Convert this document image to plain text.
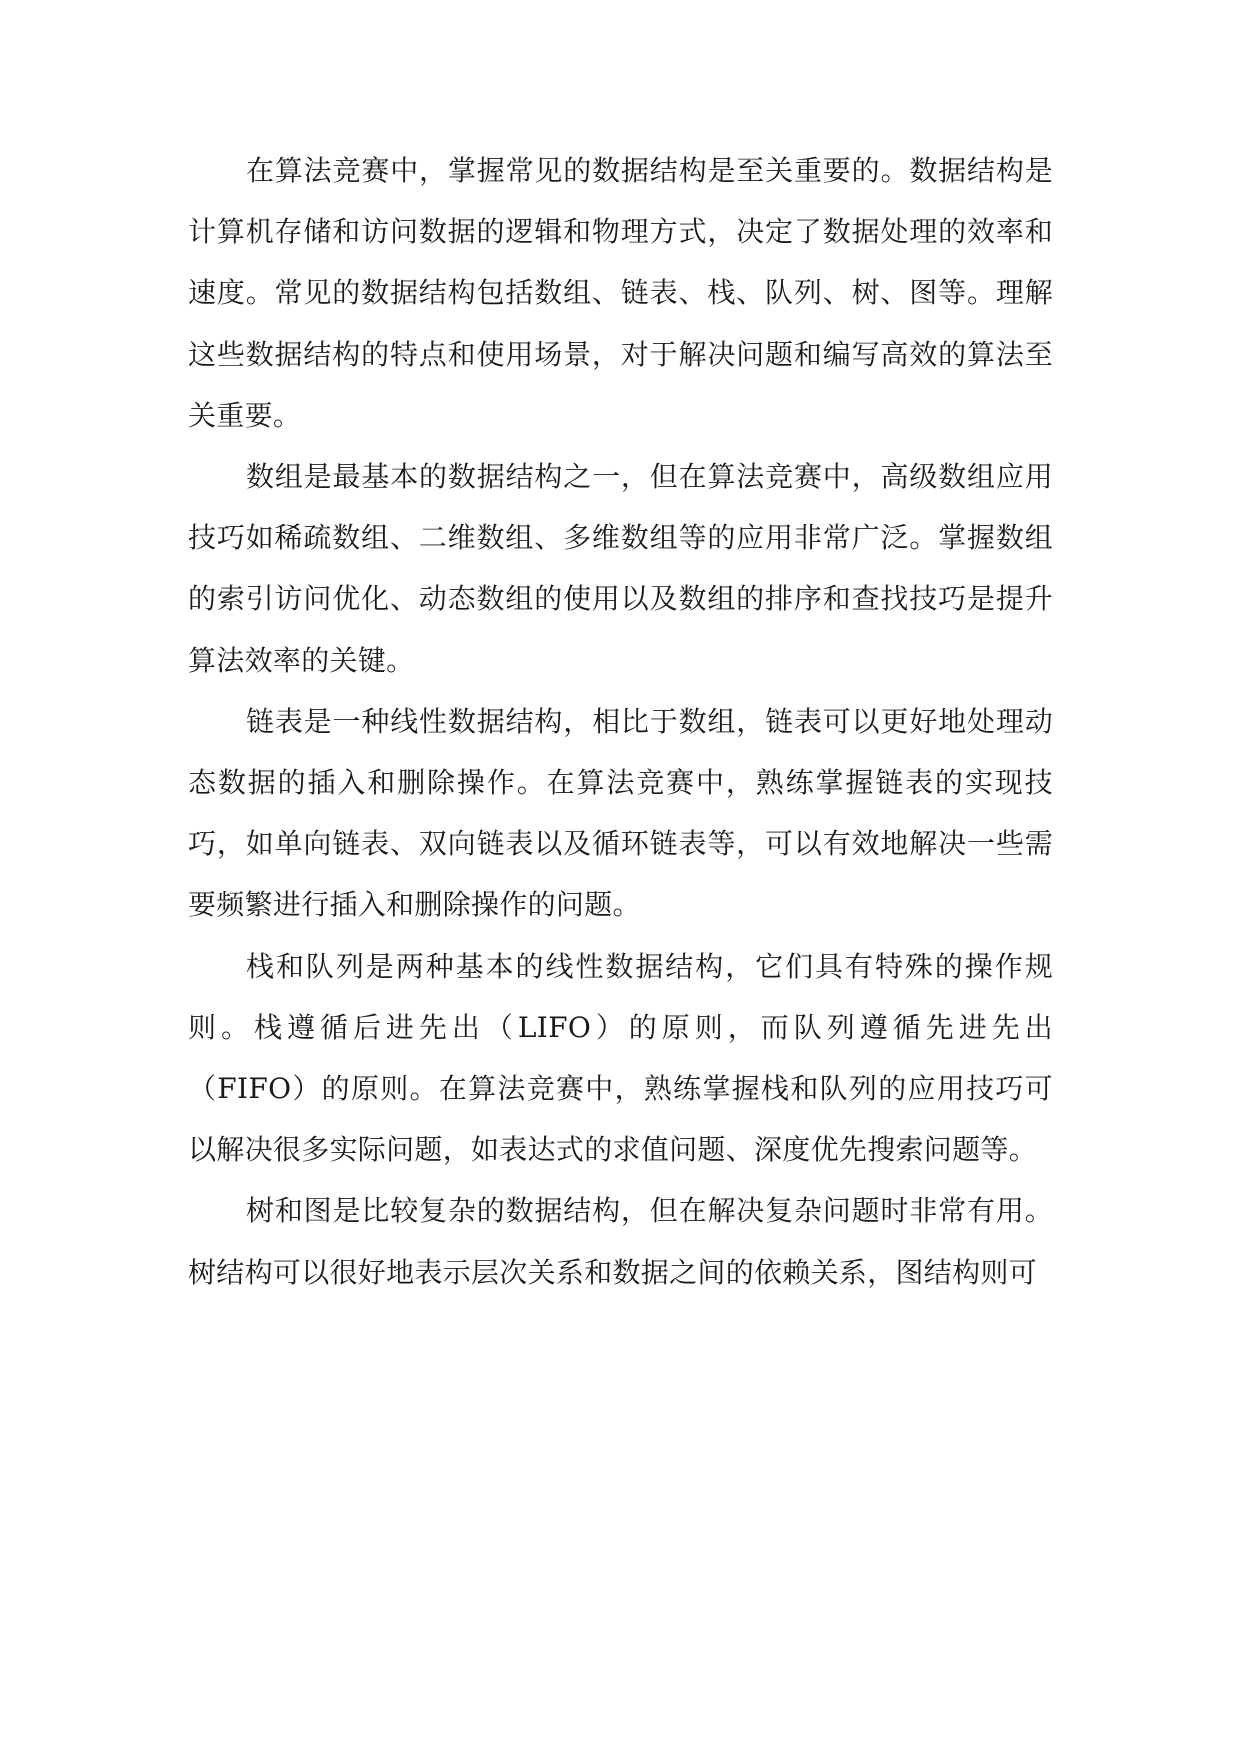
在算法竞赛中，掌握常见的数据结构是至关重要的。数据结构是计算机存储和访问数据的逻辑和物理方式，决定了数据处理的效率和速度。常见的数据结构包括数组、链表、栈、队列、树、图等。理解这些数据结构的特点和使用场景，对于解决问题和编写高效的算法至关重要。

数组是最基本的数据结构之一，但在算法竞赛中，高级数组应用技巧如稀疏数组、二维数组、多维数组等的应用非常广泛。掌握数组的索引访问优化、动态数组的使用以及数组的排序和查找技巧是提升算法效率的关键。

链表是一种线性数据结构，相比于数组，链表可以更好地处理动态数据的插入和删除操作。在算法竞赛中，熟练掌握链表的实现技巧，如单向链表、双向链表以及循环链表等，可以有效地解决一些需要频繁进行插入和删除操作的问题。

栈和队列是两种基本的线性数据结构，它们具有特殊的操作规则。栈遵循后进先出（LIFO）的原则，而队列遵循先进先出（FIFO）的原则。在算法竞赛中，熟练掌握栈和队列的应用技巧可以解决很多实际问题，如表达式的求值问题、深度优先搜索问题等。

树和图是比较复杂的数据结构，但在解决复杂问题时非常有用。树结构可以很好地表示层次关系和数据之间的依赖关系，图结构则可
